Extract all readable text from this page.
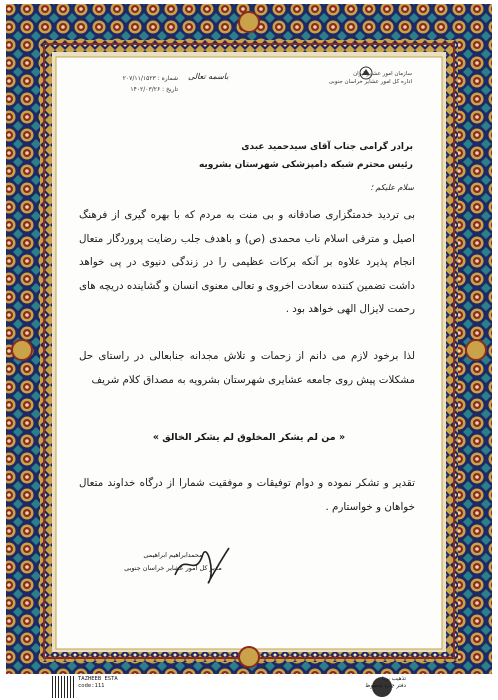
سازمان امور عشایر ایران
اداره کل امور عشایر خراسان جنوبی
باسمه تعالی
شماره : ۲۰۷/۱۱/۱۵۲۳
تاریخ : ۱۴۰۲/۰۳/۲۶
برادر گرامی جناب آقای سیدحمید عبدی
رئیس محترم شبکه دامپزشکی شهرستان بشرویه
سلام علیکم ؛
بی تردید خدمتگزاری صادقانه و بی منت به مردم که با بهره گیری از فرهنگ اصیل و مترقی اسلام ناب محمدی (ص) و باهدف جلب رضایت پروردگار متعال انجام پذیرد علاوه بر آنکه برکات عظیمی را در زندگی دنیوی در پی خواهد داشت تضمین کننده سعادت اخروی و تعالی معنوی انسان و گشاینده دریچه های رحمت لایزال الهی خواهد بود .
لذا برخود لازم می دانم از زحمات و تلاش مجدانه جنابعالی در راستای حل مشکلات پیش روی جامعه عشایری شهرستان بشرویه به مصداق کلام شریف
« من لم یشکر المخلوق لم یشکر الخالق »
تقدیر و تشکر نموده و دوام توفیقات و موفقیت شمارا از درگاه خداوند متعال خواهان و خواستارم .
محمدابراهیم ابراهیمی
مدیر کل امور عشایر خراسان جنوبی
TAZHEEB ESTA
code:111
تذهیب برتا
دفتر چاپ محفوظ
